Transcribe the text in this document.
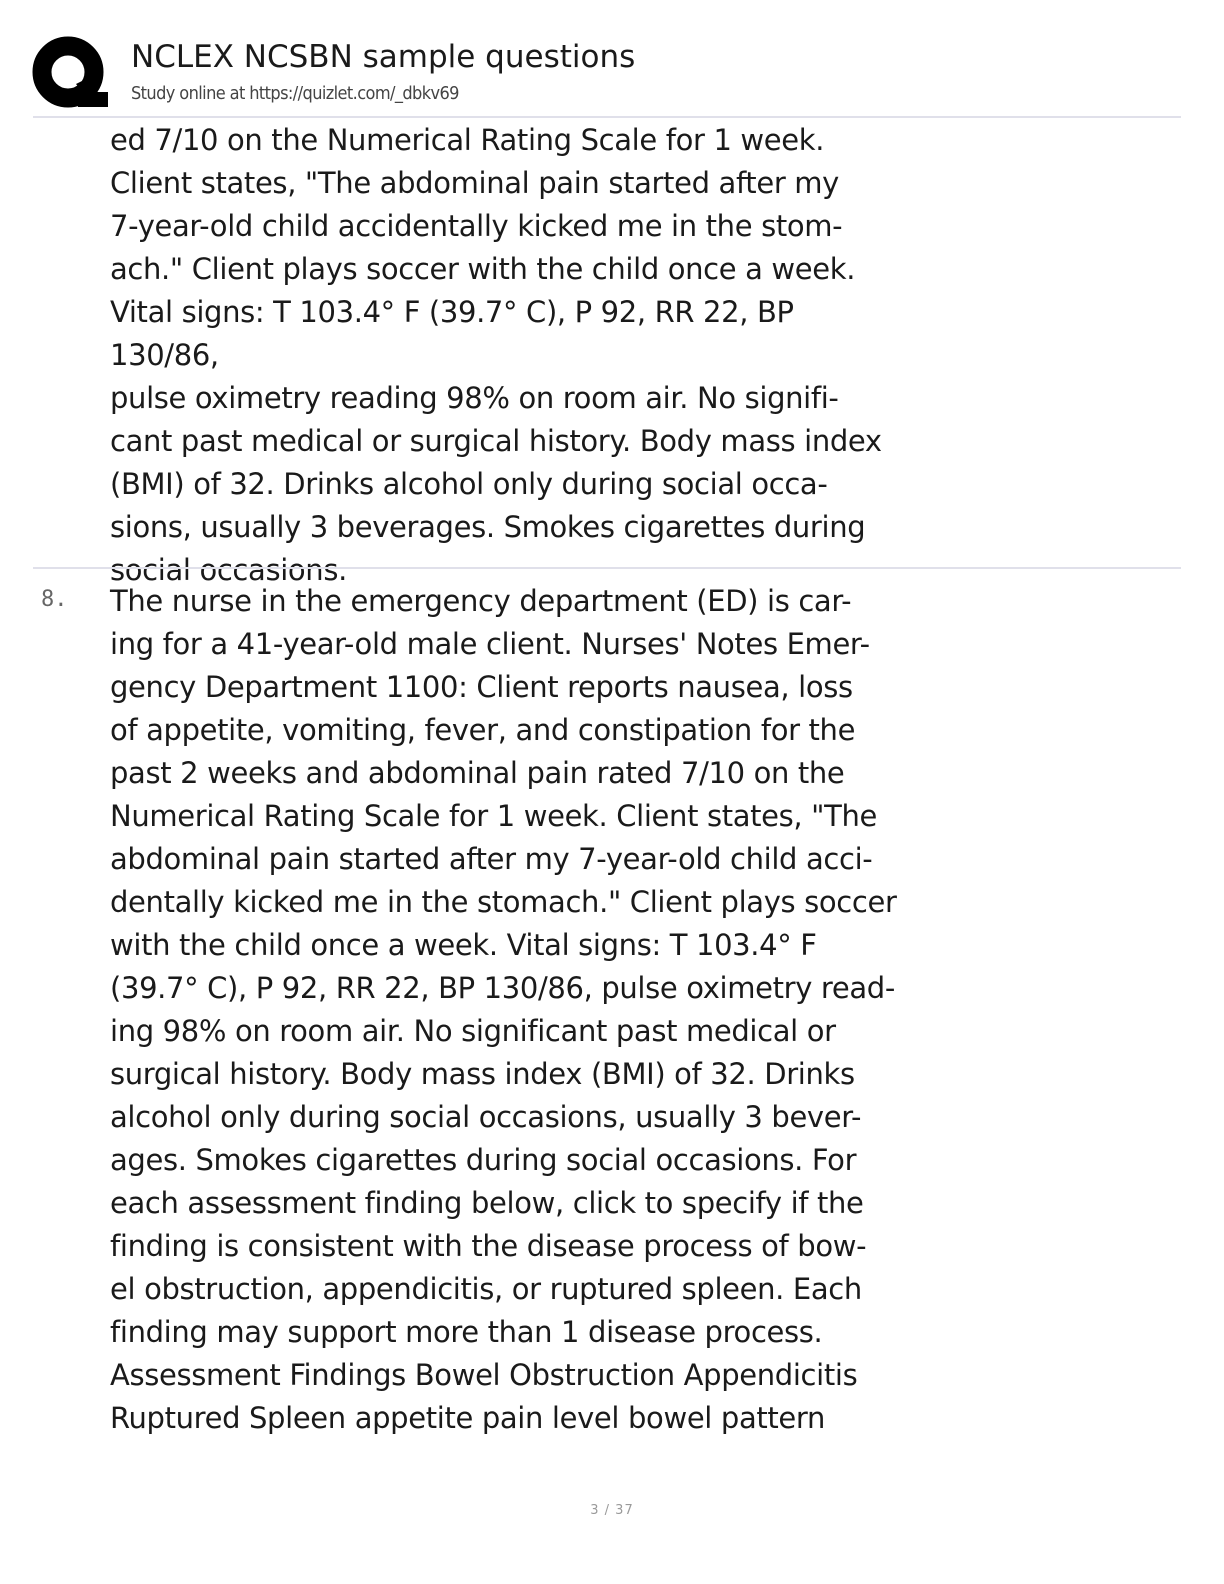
NCLEX NCSBN sample questions
Study online at https://quizlet.com/_dbkv69
ed 7/10 on the Numerical Rating Scale for 1 week.
Client states, "The abdominal pain started after my
7-year-old child accidentally kicked me in the stom-
ach." Client plays soccer with the child once a week.
Vital signs: T 103.4° F (39.7° C), P 92, RR 22, BP 130/86,
pulse oximetry reading 98% on room air. No signifi-
cant past medical or surgical history. Body mass index
(BMI) of 32. Drinks alcohol only during social occa-
sions, usually 3 beverages. Smokes cigarettes during
social occasions.
8. The nurse in the emergency department (ED) is car-
ing for a 41-year-old male client. Nurses' Notes Emer-
gency Department 1100: Client reports nausea, loss
of appetite, vomiting, fever, and constipation for the
past 2 weeks and abdominal pain rated 7/10 on the
Numerical Rating Scale for 1 week. Client states, "The
abdominal pain started after my 7-year-old child acci-
dentally kicked me in the stomach." Client plays soccer
with the child once a week. Vital signs: T 103.4° F
(39.7° C), P 92, RR 22, BP 130/86, pulse oximetry read-
ing 98% on room air. No significant past medical or
surgical history. Body mass index (BMI) of 32. Drinks
alcohol only during social occasions, usually 3 bever-
ages. Smokes cigarettes during social occasions. For
each assessment finding below, click to specify if the
finding is consistent with the disease process of bow-
el obstruction, appendicitis, or ruptured spleen. Each
finding may support more than 1 disease process.
Assessment Findings Bowel Obstruction Appendicitis
Ruptured Spleen appetite pain level bowel pattern
3 / 37
